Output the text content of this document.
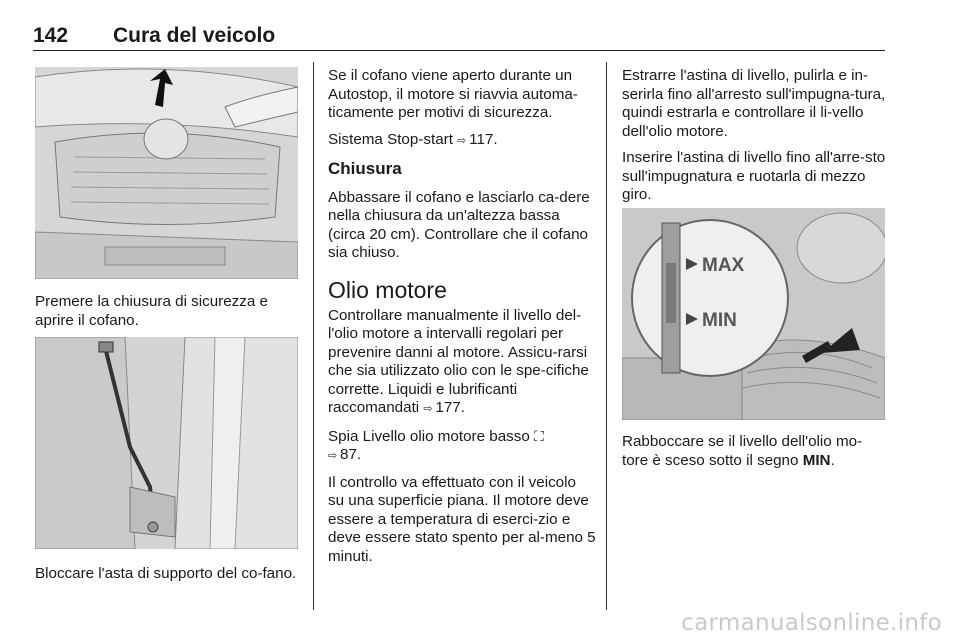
142 Cura del veicolo
Premere la chiusura di sicurezza e aprire il cofano.
Bloccare l'asta di supporto del co-fano.

Se il cofano viene aperto durante un Autostop, il motore si riavvia automa-ticamente per motivi di sicurezza.

Sistema Stop-start ⇨ 117.

Chiusura

Abbassare il cofano e lasciarlo ca-dere nella chiusura da un'altezza bassa (circa 20 cm). Controllare che il cofano sia chiuso.

Olio motore

Controllare manualmente il livello del-l'olio motore a intervalli regolari per prevenire danni al motore. Assicu-rarsi che sia utilizzato olio con le spe-cifiche corrette. Liquidi e lubrificanti raccomandati ⇨ 177.

Spia Livello olio motore basso ⛶
⇨ 87.

Il controllo va effettuato con il veicolo su una superficie piana. Il motore deve essere a temperatura di eserci-zio e deve essere stato spento per al-meno 5 minuti.

Estrarre l'astina di livello, pulirla e in-serirla fino all'arresto sull'impugna-tura, quindi estrarla e controllare il li-vello dell'olio motore.

Inserire l'astina di livello fino all'arre-sto sull'impugnatura e ruotarla di mezzo giro.

MAX
MIN

Rabboccare se il livello dell'olio mo-tore è sceso sotto il segno MIN.

carmanualsonline.info
